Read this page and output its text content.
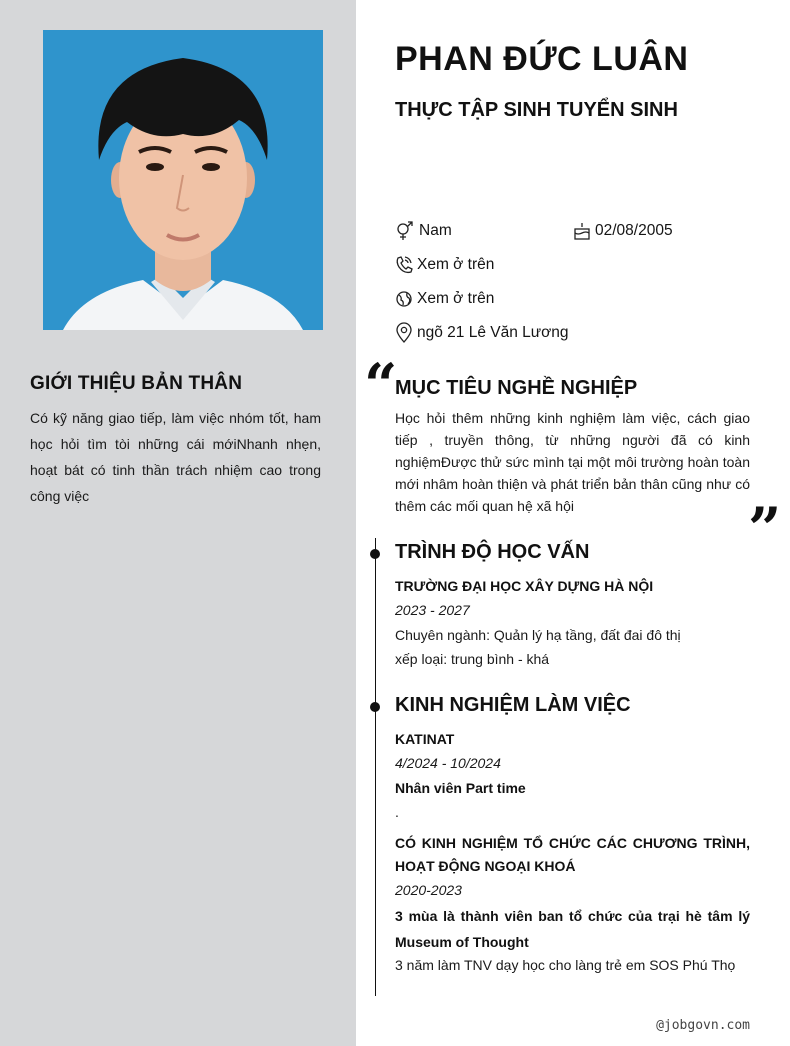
GIỚI THIỆU BẢN THÂN
Có kỹ năng giao tiếp, làm việc nhóm tốt, ham học hỏi tìm tòi những cái mớiNhanh nhẹn, hoạt bát có tinh thần trách nhiệm cao trong công việc
PHAN ĐỨC LUÂN
THỰC TẬP SINH TUYỂN SINH
Nam	02/08/2005
Xem ở trên
Xem ở trên
ngõ 21 Lê Văn Lương
“
MỤC TIÊU NGHỀ NGHIỆP
Học hỏi thêm những kinh nghiệm làm việc, cách giao tiếp , truyền thông, từ những người đã có kinh nghiệmĐược thử sức mình tại một môi trường hoàn toàn mới nhâm hoàn thiện và phát triển bản thân cũng như có thêm các mối quan hệ xã hội	”
TRÌNH ĐỘ HỌC VẤN
TRƯỜNG ĐẠI HỌC XÂY DỰNG HÀ NỘI
2023 - 2027
Chuyên ngành: Quản lý hạ tầng, đất đai đô thị
xếp loại: trung bình - khá
KINH NGHIỆM LÀM VIỆC
KATINAT
4/2024 - 10/2024
Nhân viên Part time
.
CÓ KINH NGHIỆM TỔ CHỨC CÁC CHƯƠNG TRÌNH, HOẠT ĐỘNG NGOẠI KHOÁ
2020-2023
3 mùa là thành viên ban tổ chức của trại hè tâm lý Museum of Thought
3 năm làm TNV dạy học cho làng trẻ em SOS Phú Thọ
@jobgovn.com
